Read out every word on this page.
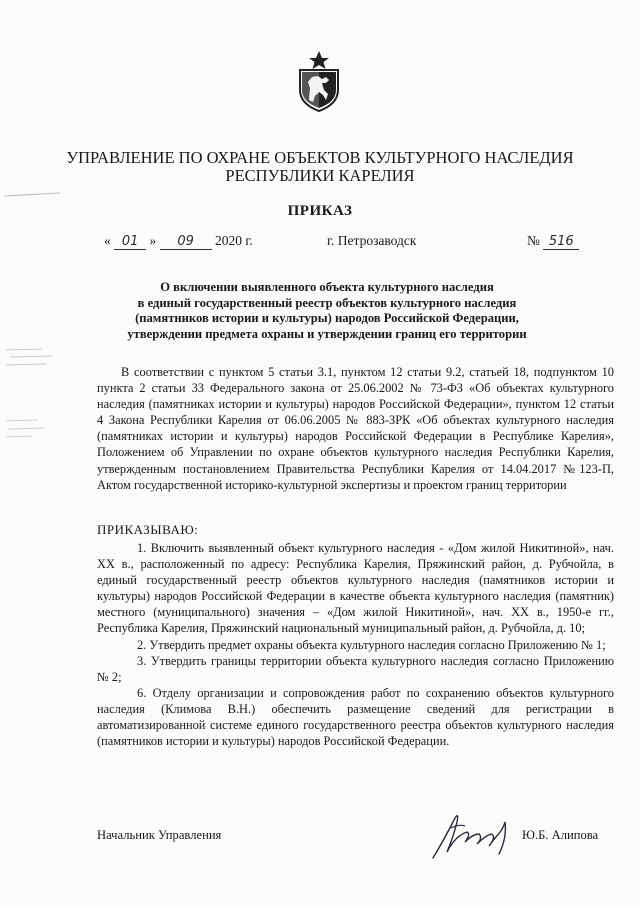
УПРАВЛЕНИЕ ПО ОХРАНЕ ОБЪЕКТОВ КУЛЬТУРНОГО НАСЛЕДИЯ
РЕСПУБЛИКИ КАРЕЛИЯ
ПРИКАЗ
« 01 » 09 2020 г.	г. Петрозаводск	№ 516
О включении выявленного объекта культурного наследия
в единый государственный реестр объектов культурного наследия
(памятников истории и культуры) народов Российской Федерации,
утверждении предмета охраны и утверждении границ его территории
В соответствии с пунктом 5 статьи 3.1, пунктом 12 статьи 9.2, статьей 18, подпунктом 10 пункта 2 статьи 33 Федерального закона от 25.06.2002 № 73-ФЗ «Об объектах культурного наследия (памятниках истории и культуры) народов Российской Федерации», пунктом 12 статьи 4 Закона Республики Карелия от 06.06.2005 № 883-ЗРК «Об объектах культурного наследия (памятниках истории и культуры) народов Российской Федерации в Республике Карелия», Положением об Управлении по охране объектов культурного наследия Республики Карелия, утвержденным постановлением Правительства Республики Карелия от 14.04.2017 №123-П, Актом государственной историко-культурной экспертизы и проектом границ территории
ПРИКАЗЫВАЮ:

1. Включить выявленный объект культурного наследия - «Дом жилой Никитиной», нач. XX в., расположенный по адресу: Республика Карелия, Пряжинский район, д. Рубчойла, в единый государственный реестр объектов культурного наследия (памятников истории и культуры) народов Российской Федерации в качестве объекта культурного наследия (памятник) местного (муниципального) значения – «Дом жилой Никитиной», нач. XX в., 1950-е гг., Республика Карелия, Пряжинский национальный муниципальный район, д. Рубчойла, д. 10;

2. Утвердить предмет охраны объекта культурного наследия согласно Приложению № 1;

3. Утвердить границы территории объекта культурного наследия согласно Приложению № 2;

6. Отделу организации и сопровождения работ по сохранению объектов культурного наследия (Климова В.Н.) обеспечить размещение сведений для регистрации в автоматизированной системе единого государственного реестра объектов культурного наследия (памятников истории и культуры) народов Российской Федерации.

Начальник Управления	Ю.Б. Алипова
